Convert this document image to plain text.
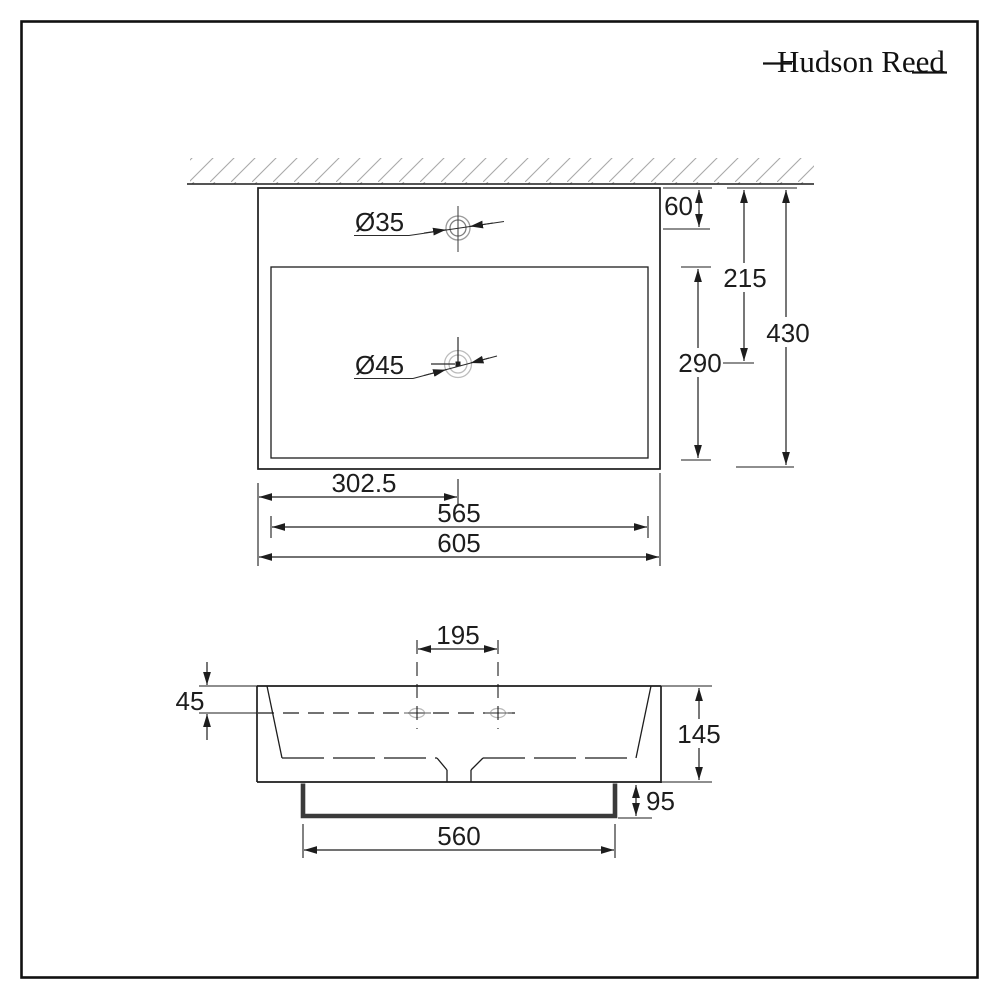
Hudson Reed
Ø35
Ø45
60
215
430
290
302.5
565
605
195
45
145
95
560
